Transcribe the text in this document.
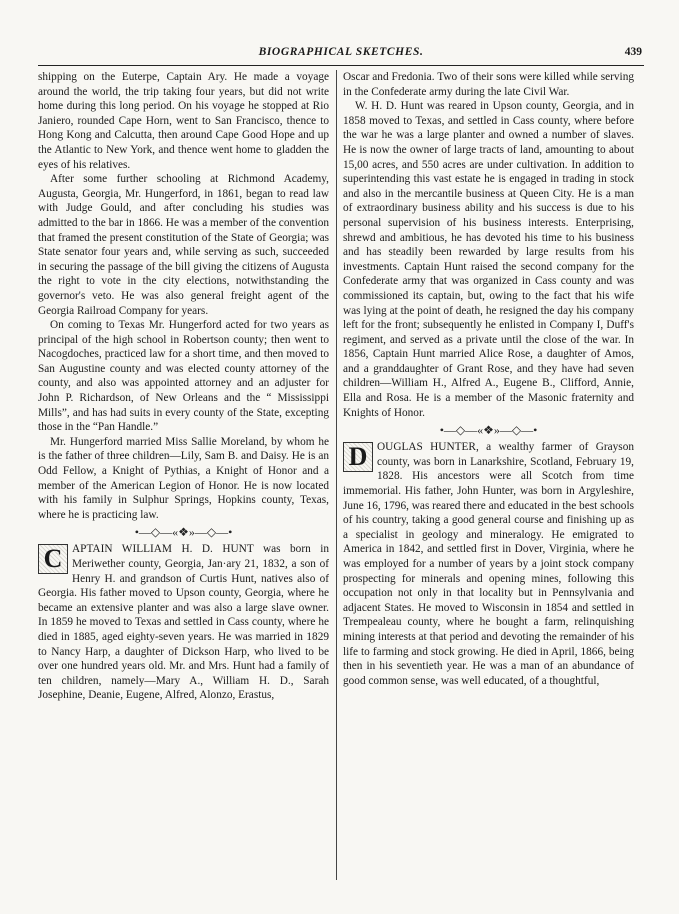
BIOGRAPHICAL SKETCHES.	439

shipping on the Euterpe, Captain Ary. He made a voyage around the world, the trip taking four years, but did not write home during this long period. On his voyage he stopped at Rio Janiero, rounded Cape Horn, went to San Francisco, thence to Hong Kong and Calcutta, then around Cape Good Hope and up the Atlantic to New York, and thence went home to gladden the eyes of his relatives.

After some further schooling at Richmond Academy, Augusta, Georgia, Mr. Hungerford, in 1861, began to read law with Judge Gould, and after concluding his studies was admitted to the bar in 1866. He was a member of the convention that framed the present constitution of the State of Georgia; was State senator four years and, while serving as such, succeeded in securing the passage of the bill giving the citizens of Augusta the right to vote in the city elections, notwithstanding the governor's veto. He was also general freight agent of the Georgia Railroad Company for years.

On coming to Texas Mr. Hungerford acted for two years as principal of the high school in Robertson county; then went to Nacogdoches, practiced law for a short time, and then moved to San Augustine county and was elected county attorney of the county, and also was appointed attorney and an adjuster for John P. Richardson, of New Orleans and the “ Mississippi Mills”, and has had suits in every county of the State, excepting those in the “Pan Handle.”

Mr. Hungerford married Miss Sallie Moreland, by whom he is the father of three children—Lily, Sam B. and Daisy. He is an Odd Fellow, a Knight of Pythias, a Knight of Honor and a member of the American Legion of Honor. He is now located with his family in Sulphur Springs, Hopkins county, Texas, where he is practicing law.

•—◇—«❖»—◇—•

C APTAIN WILLIAM H. D. HUNT was born in Meriwether county, Georgia, Jan·ary 21, 1832, a son of Henry H. and grandson of Curtis Hunt, natives also of Georgia. His father moved to Upson county, Georgia, where he became an extensive planter and was also a large slave owner. In 1859 he moved to Texas and settled in Cass county, where he died in 1885, aged eighty-seven years. He was married in 1829 to Nancy Harp, a daughter of Dickson Harp, who lived to be over one hundred years old. Mr. and Mrs. Hunt had a family of ten children, namely—Mary A., William H. D., Sarah Josephine, Deanie, Eugene, Alfred, Alonzo, Erastus,

Oscar and Fredonia. Two of their sons were killed while serving in the Confederate army during the late Civil War.

W. H. D. Hunt was reared in Upson county, Georgia, and in 1858 moved to Texas, and settled in Cass county, where before the war he was a large planter and owned a number of slaves. He is now the owner of large tracts of land, amounting to about 15,00 acres, and 550 acres are under cultivation. In addition to superintending this vast estate he is engaged in trading in stock and also in the mercantile business at Queen City. He is a man of extraordinary business ability and his success is due to his personal supervision of his business interests. Enterprising, shrewd and ambitious, he has devoted his time to his business and has steadily been rewarded by large results from his investments. Captain Hunt raised the second company for the Confederate army that was organized in Cass county and was commissioned its captain, but, owing to the fact that his wife was lying at the point of death, he resigned the day his company left for the front; subsequently he enlisted in Company I, Duff's regiment, and served as a private until the close of the war. In 1856, Captain Hunt married Alice Rose, a daughter of Amos, and a granddaughter of Grant Rose, and they have had seven children—William H., Alfred A., Eugene B., Clifford, Annie, Ella and Rosa. He is a member of the Masonic fraternity and Knights of Honor.

•—◇—«❖»—◇—•

D OUGLAS HUNTER, a wealthy farmer of Grayson county, was born in Lanarkshire, Scotland, February 19, 1828. His ancestors were all Scotch from time immemorial. His father, John Hunter, was born in Argyleshire, June 16, 1796, was reared there and educated in the best schools of his country, taking a good general course and finishing up as a specialist in geology and mineralogy. He emigrated to America in 1842, and settled first in Dover, Virginia, where he was employed for a number of years by a joint stock company prospecting for minerals and opening mines, following this occupation not only in that locality but in Pennsylvania and adjacent States. He moved to Wisconsin in 1854 and settled in Trempealeau county, where he bought a farm, relinquishing mining interests at that period and devoting the remainder of his life to farming and stock growing. He died in April, 1866, being then in his seventieth year. He was a man of an abundance of good common sense, was well educated, of a thoughtful,
